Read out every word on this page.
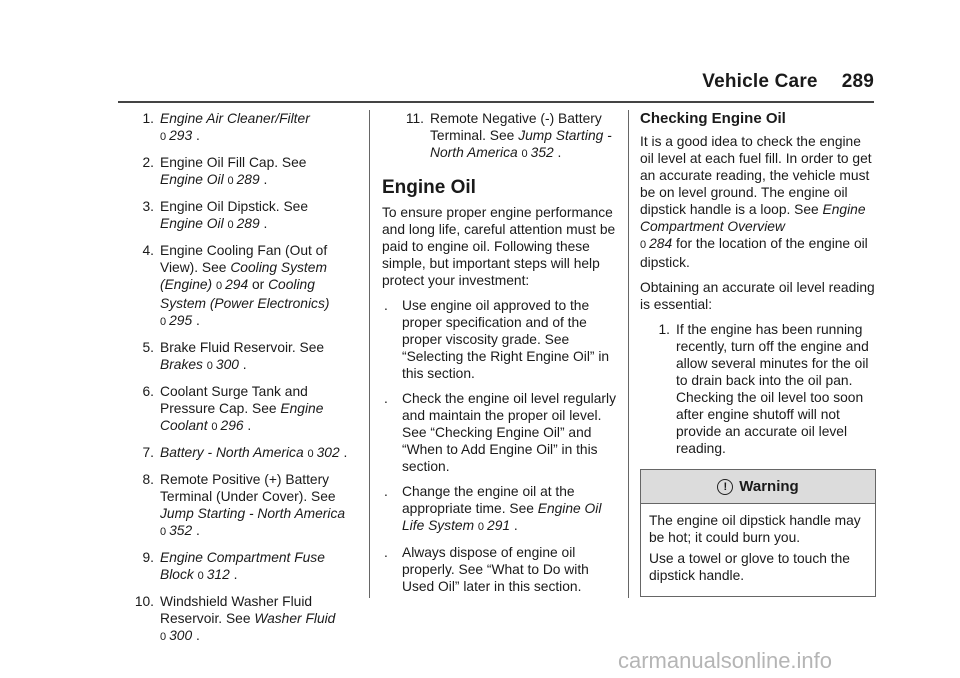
Vehicle Care 289
1. Engine Air Cleaner/Filter
0 293 .
2. Engine Oil Fill Cap. See
Engine Oil 0 289 .
3. Engine Oil Dipstick. See
Engine Oil 0 289 .
4. Engine Cooling Fan (Out of View). See Cooling System (Engine) 0 294 or Cooling System (Power Electronics)
0 295 .
5. Brake Fluid Reservoir. See
Brakes 0 300 .
6. Coolant Surge Tank and Pressure Cap. See Engine Coolant 0 296 .
7. Battery - North America 0 302 .
8. Remote Positive (+) Battery Terminal (Under Cover). See Jump Starting - North America
0 352 .
9. Engine Compartment Fuse Block 0 312 .
10. Windshield Washer Fluid Reservoir. See Washer Fluid
0 300 .
11. Remote Negative (-) Battery Terminal. See Jump Starting - North America 0 352 .
Engine Oil

To ensure proper engine performance and long life, careful attention must be paid to engine oil. Following these simple, but important steps will help protect your investment:

.	Use engine oil approved to the proper specification and of the proper viscosity grade. See “Selecting the Right Engine Oil” in this section.
.	Check the engine oil level regularly and maintain the proper oil level. See “Checking Engine Oil” and “When to Add Engine Oil” in this section.
.	Change the engine oil at the appropriate time. See Engine Oil Life System 0 291 .
.	Always dispose of engine oil properly. See “What to Do with Used Oil” later in this section.
Checking Engine Oil

It is a good idea to check the engine oil level at each fuel fill. In order to get an accurate reading, the vehicle must be on level ground. The engine oil dipstick handle is a loop. See Engine Compartment Overview
0 284 for the location of the engine oil dipstick.

Obtaining an accurate oil level reading is essential:

1. If the engine has been running recently, turn off the engine and allow several minutes for the oil to drain back into the oil pan. Checking the oil level too soon after engine shutoff will not provide an accurate oil level reading.
! Warning

The engine oil dipstick handle may be hot; it could burn you.

Use a towel or glove to touch the dipstick handle.

carmanualsonline.info
